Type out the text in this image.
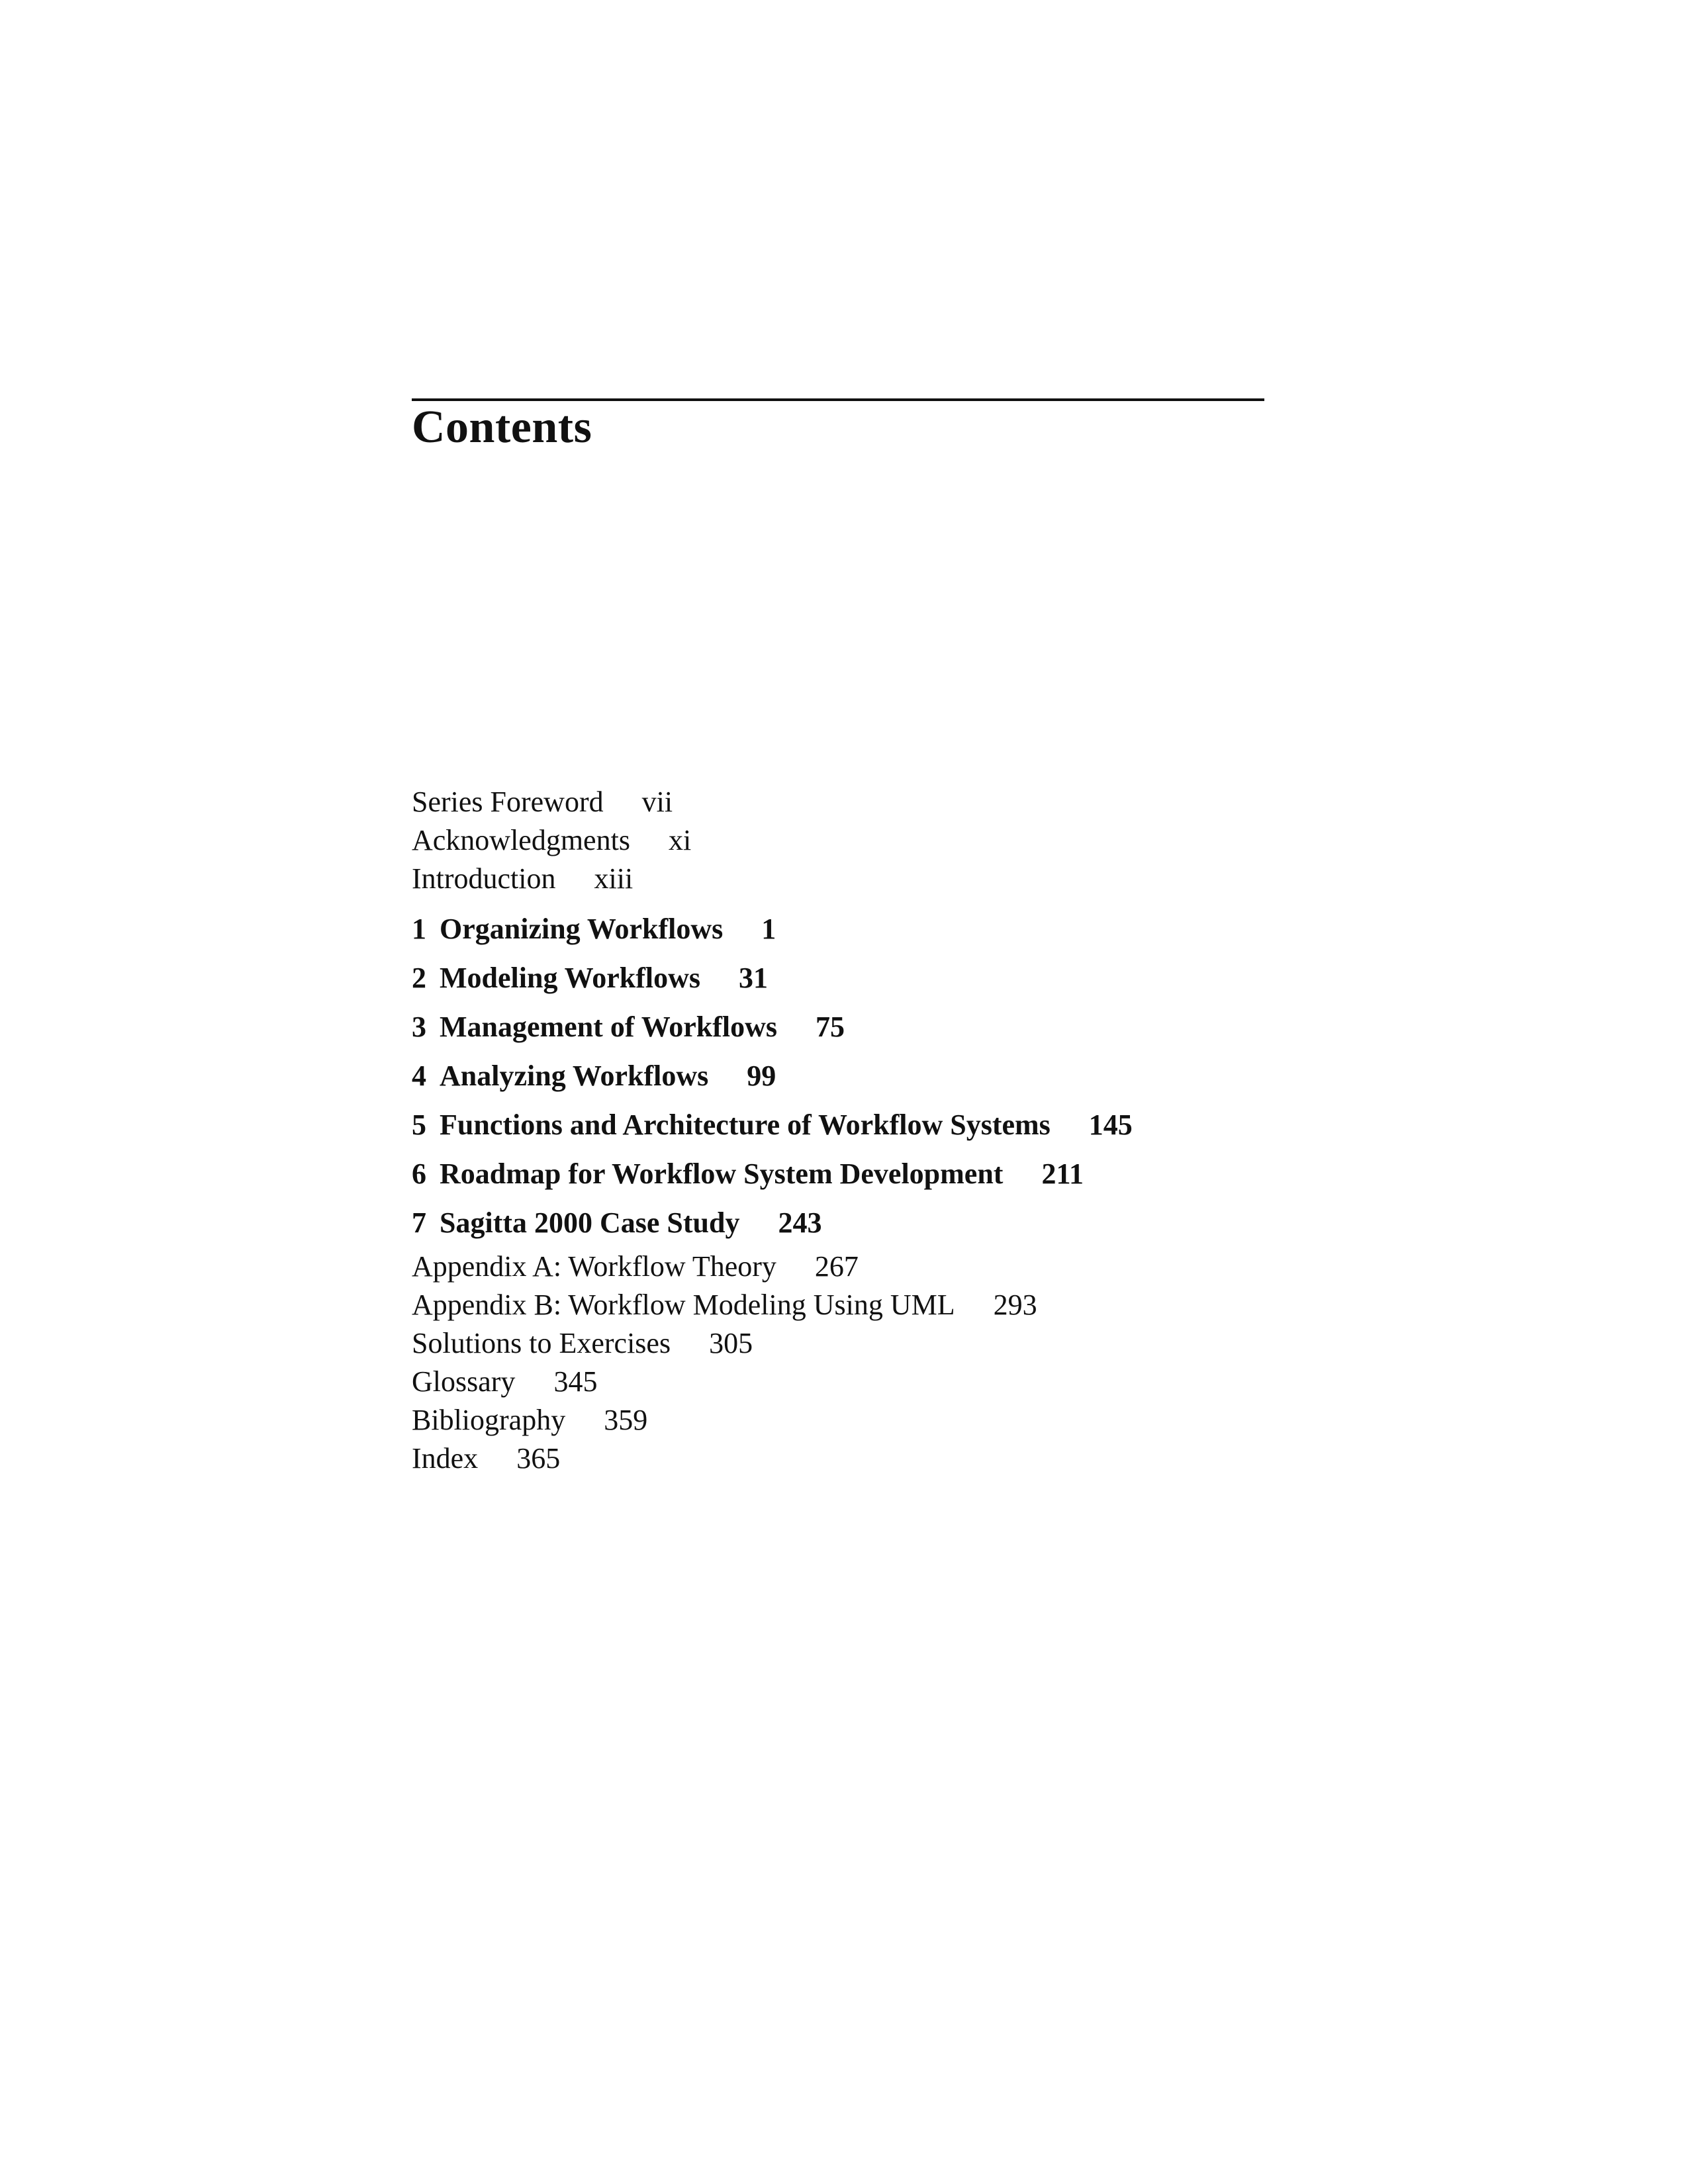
Contents
Series Foreword vii
Acknowledgments xi
Introduction xiii
1 Organizing Workflows 1
2 Modeling Workflows 31
3 Management of Workflows 75
4 Analyzing Workflows 99
5 Functions and Architecture of Workflow Systems 145
6 Roadmap for Workflow System Development 211
7 Sagitta 2000 Case Study 243
Appendix A: Workflow Theory 267
Appendix B: Workflow Modeling Using UML 293
Solutions to Exercises 305
Glossary 345
Bibliography 359
Index 365
